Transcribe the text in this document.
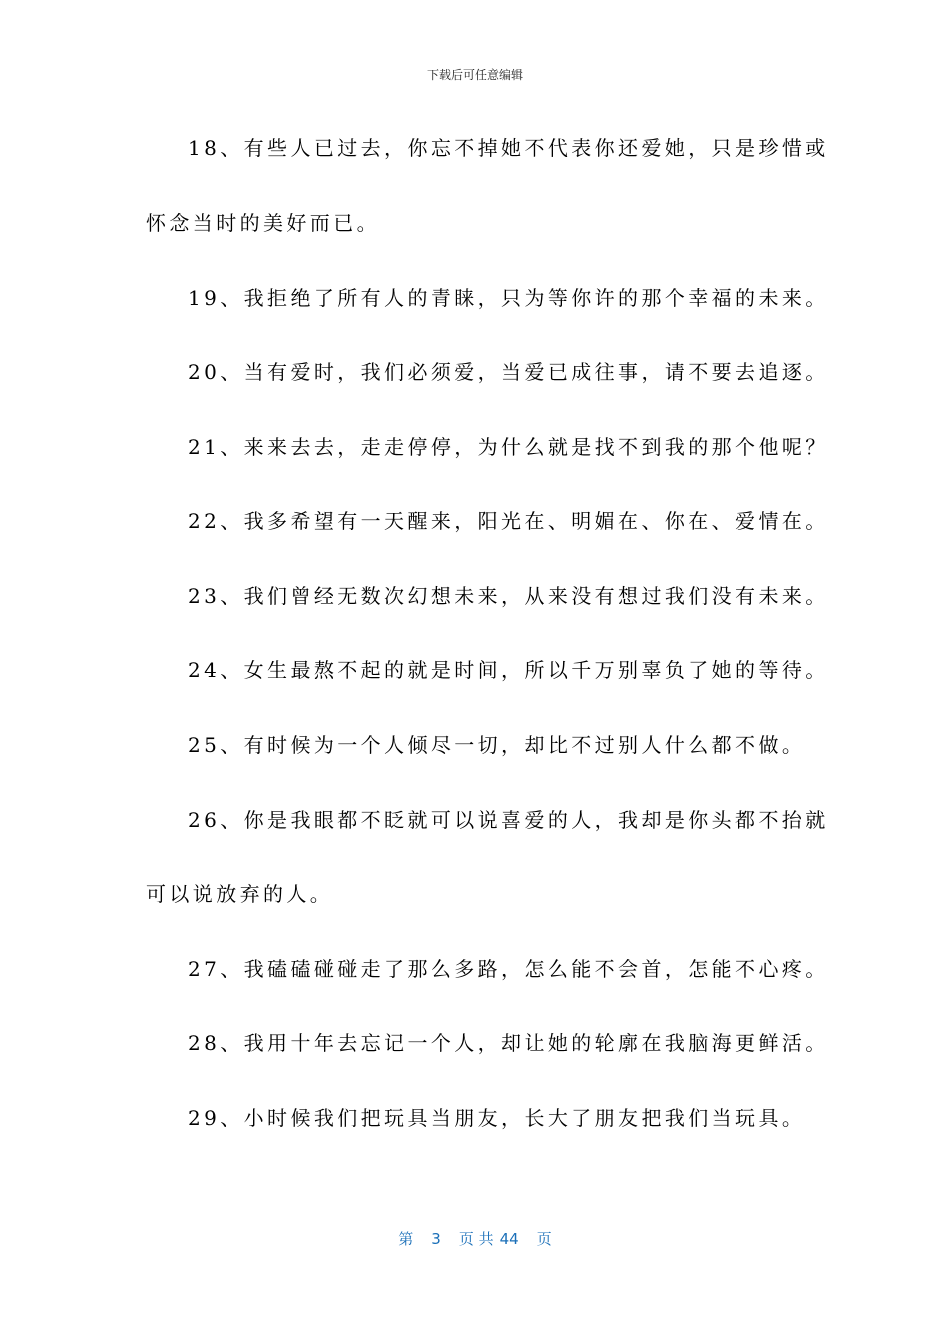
下载后可任意编辑
18、有些人已过去，你忘不掉她不代表你还爱她，只是珍惜或
怀念当时的美好而已。
19、我拒绝了所有人的青睐，只为等你许的那个幸福的未来。
20、当有爱时，我们必须爱，当爱已成往事，请不要去追逐。
21、来来去去，走走停停，为什么就是找不到我的那个他呢？
22、我多希望有一天醒来，阳光在、明媚在、你在、爱情在。
23、我们曾经无数次幻想未来，从来没有想过我们没有未来。
24、女生最熬不起的就是时间，所以千万别辜负了她的等待。
25、有时候为一个人倾尽一切，却比不过别人什么都不做。
26、你是我眼都不眨就可以说喜爱的人，我却是你头都不抬就
可以说放弃的人。
27、我磕磕碰碰走了那么多路，怎么能不会首，怎能不心疼。
28、我用十年去忘记一个人，却让她的轮廓在我脑海更鲜活。
29、小时候我们把玩具当朋友，长大了朋友把我们当玩具。
第 3 页 共 44 页
